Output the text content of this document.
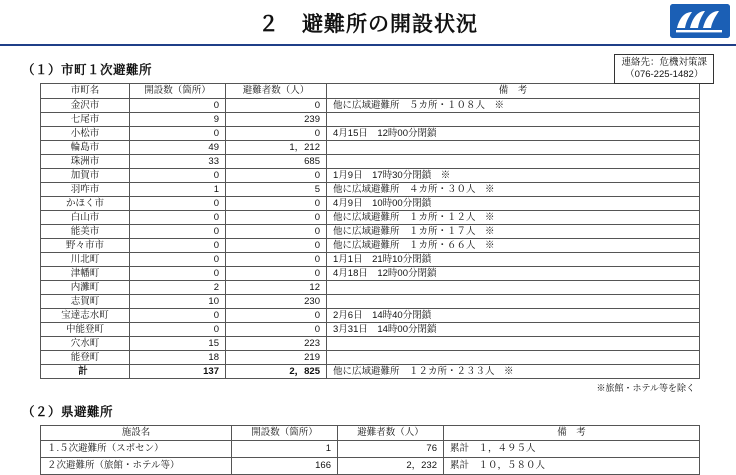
２　避難所の開設状況
連絡先：危機対策課
（076-225-1482）
（１）市町１次避難所
市町名	開設数（箇所）	避難者数（人）	備　考
金沢市	0	0	他に広域避難所　５カ所・１０８人　※
七尾市	9	239	
小松市	0	0	4月15日　12時00分閉鎖
輪島市	49	1，212	
珠洲市	33	685	
加賀市	0	0	1月9日　17時30分閉鎖　※
羽咋市	1	5	他に広域避難所　４カ所・３０人　※
かほく市	0	0	4月9日　10時00分閉鎖
白山市	0	0	他に広域避難所　１カ所・１２人　※
能美市	0	0	他に広域避難所　１カ所・１７人　※
野々市市	0	0	他に広域避難所　１カ所・６６人　※
川北町	0	0	1月1日　21時10分閉鎖
津幡町	0	0	4月18日　12時00分閉鎖
内灘町	2	12	
志賀町	10	230	
宝達志水町	0	0	2月6日　14時40分閉鎖
中能登町	0	0	3月31日　14時00分閉鎖
穴水町	15	223	
能登町	18	219	
計	137	2，825	他に広域避難所　１２カ所・２３３人　※
※旅館・ホテル等を除く
（２）県避難所
施設名	開設数（箇所）	避難者数（人）	備　考
１.５次避難所（スポセン）	1	76	累計　１，４９５人
２次避難所（旅館・ホテル等）	166	2，232	累計　１０，５８０人
